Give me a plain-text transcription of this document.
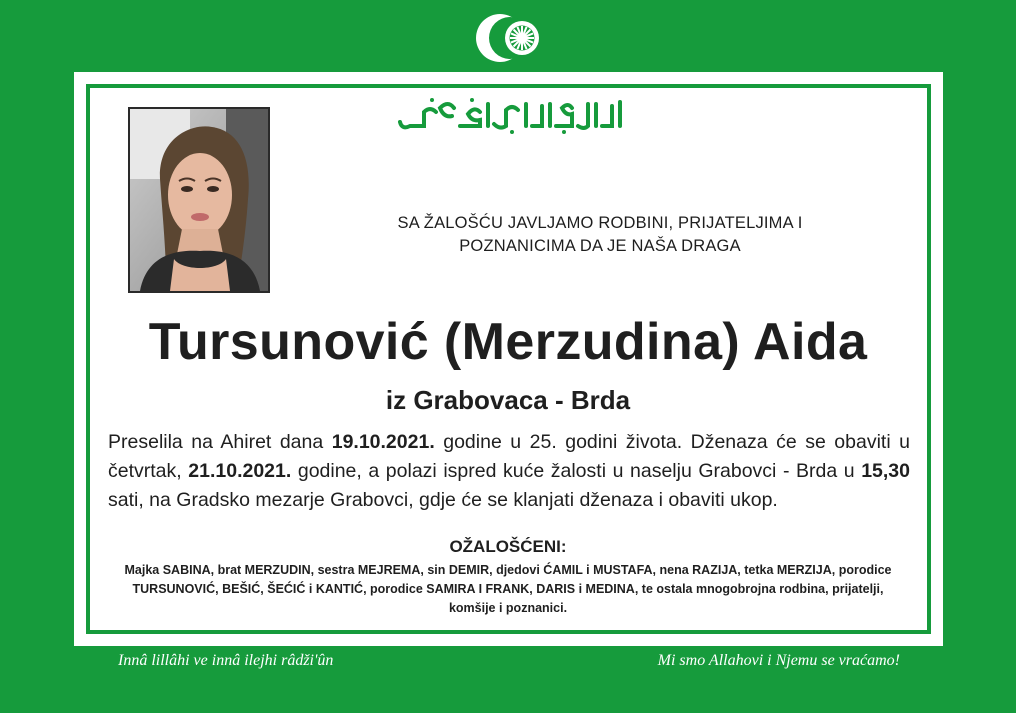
SA ŽALOŠĆU JAVLJAMO RODBINI, PRIJATELJIMA I
POZNANICIMA DA JE NAŠA DRAGA
Tursunović (Merzudina) Aida
iz Grabovaca - Brda
Preselila na Ahiret dana 19.10.2021. godine u 25. godini života. Dženaza će se obaviti u četvrtak, 21.10.2021. godine, a polazi ispred kuće žalosti u naselju Grabovci - Brda u 15,30 sati, na Gradsko mezarje Grabovci, gdje će se klanjati dženaza i obaviti ukop.
OŽALOŠĆENI:
Majka SABINA, brat MERZUDIN, sestra MEJREMA, sin DEMIR, djedovi ĆAMIL i MUSTAFA, nena RAZIJA, tetka MERZIJA, porodice TURSUNOVIĆ, BEŠIĆ, ŠEĆIĆ i KANTIĆ, porodice SAMIRA I FRANK, DARIS i MEDINA, te ostala mnogobrojna rodbina, prijatelji, komšije i poznanici.
Innâ lillâhi ve innâ ilejhi râdži'ûn	Mi smo Allahovi i Njemu se vraćamo!
